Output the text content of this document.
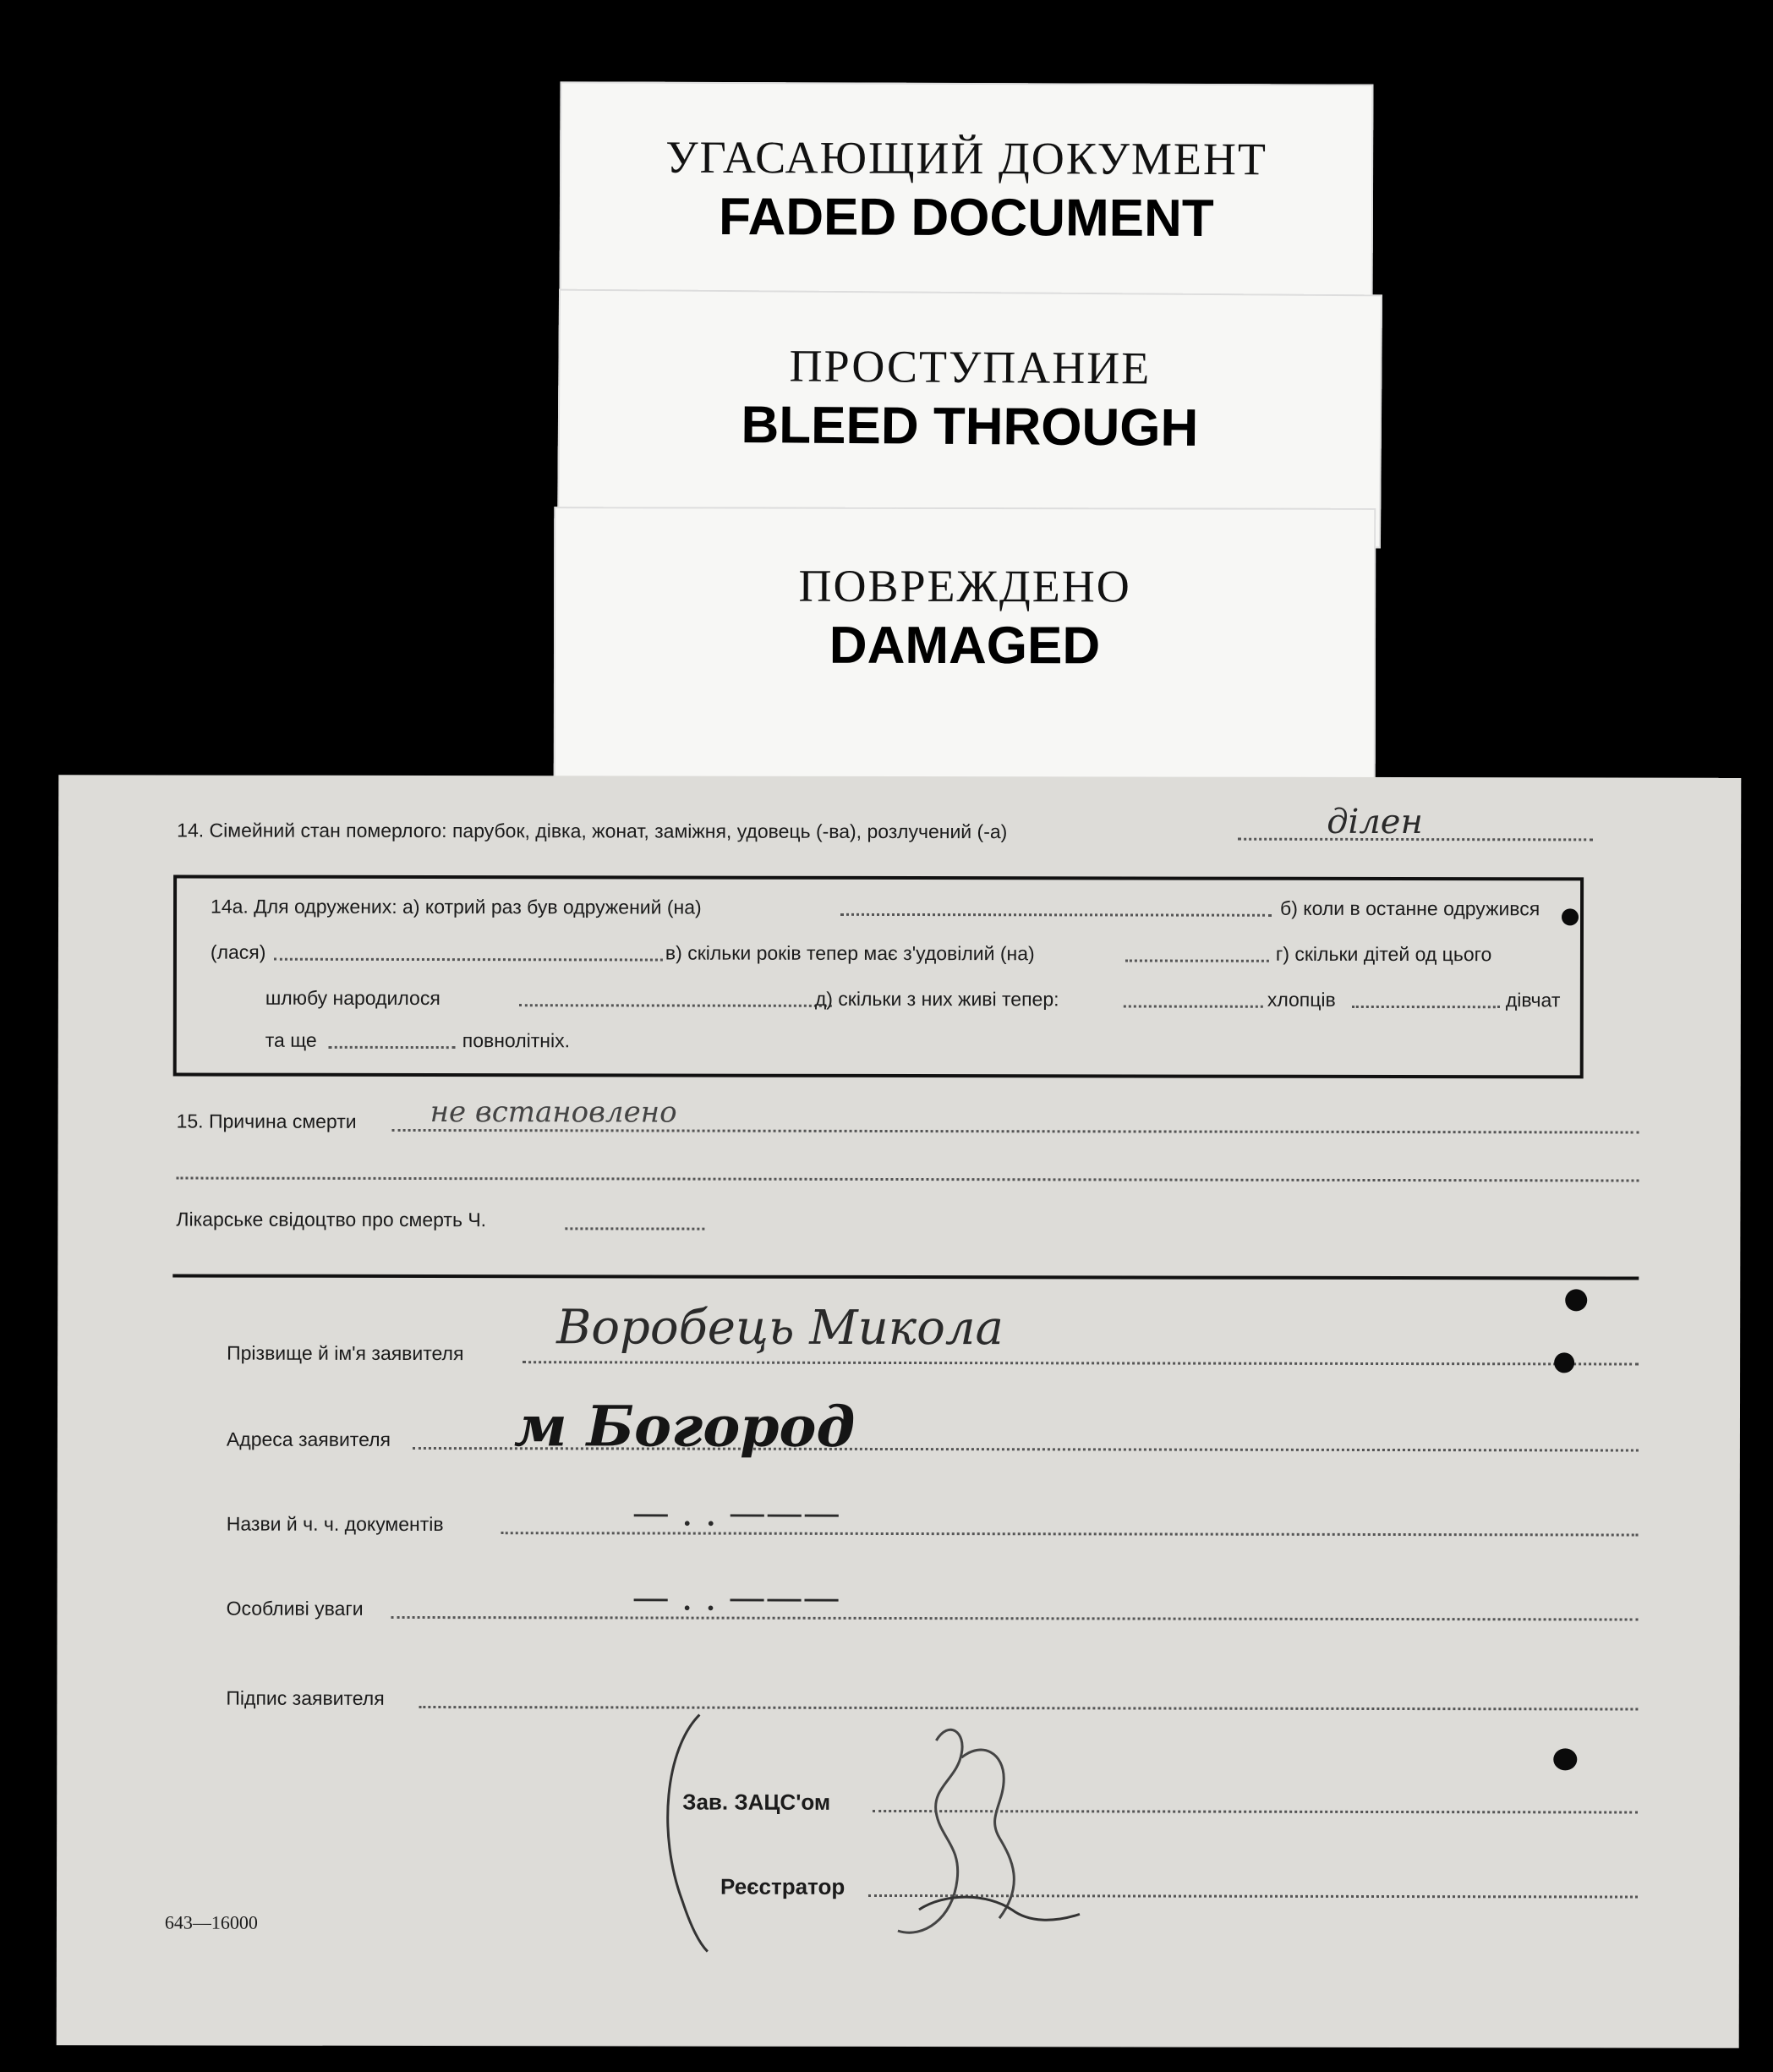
УГАСАЮЩИЙ ДОКУМЕНТ
FADED DOCUMENT
ПРОСТУПАНИЕ
BLEED THROUGH
ПОВРЕЖДЕНО
DAMAGED
14. Сімейний стан померлого: парубок, дівка, жонат, заміжня, удовець (-ва), розлучений (-а)	ділен
14а. Для одружених: а) котрий раз був одружений (на)	б) коли в останне одружився
(лася)	в) скільки років тепер має з'удовілий (на)	г) скільки дітей од цього
шлюбу народилося	д) скільки з них живі тепер:	хлопців	дівчат
та ще	повнолітніх.
15. Причина смерти	не встановлено
Лікарське свідоцтво про смерть Ч.
Прізвище й ім'я заявителя Воробець Микола
Адреса заявителя м Богород
Назви й ч. ч. документів	— . . ———
Особливі уваги	— . . ———
Підпис заявителя
Зав. ЗАЦС'ом
Реєстратор
643—16000
